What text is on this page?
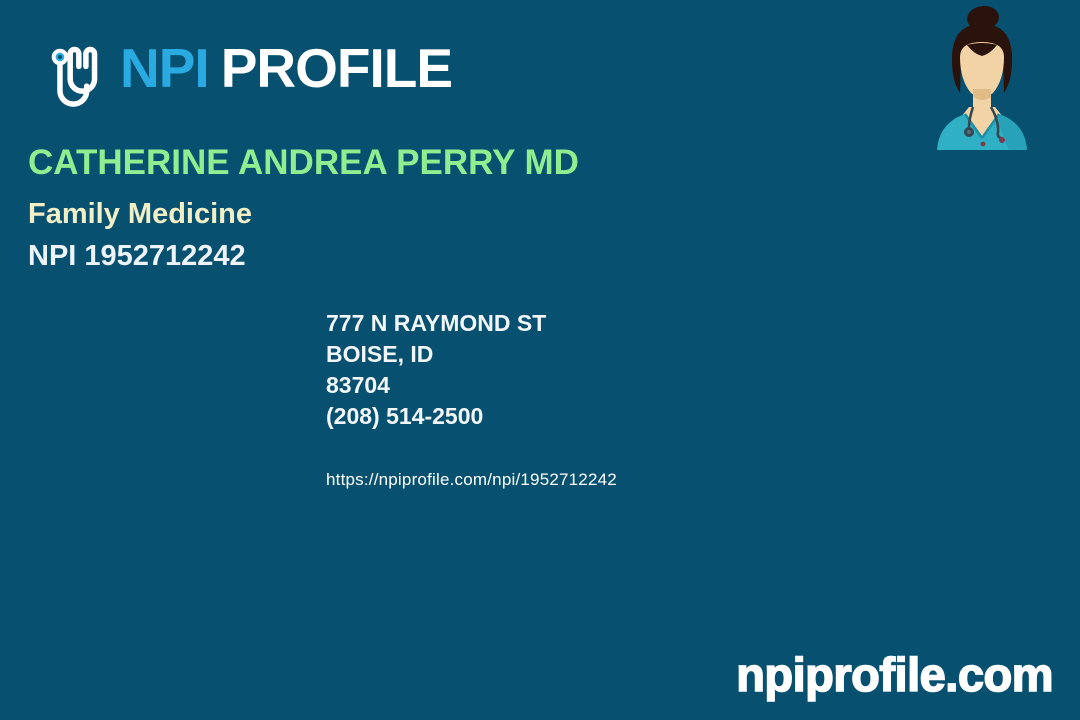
NPI PROFILE
CATHERINE ANDREA PERRY MD
Family Medicine
NPI 1952712242
777 N RAYMOND ST
BOISE, ID
83704
(208) 514-2500
https://npiprofile.com/npi/1952712242
npiprofile.com
